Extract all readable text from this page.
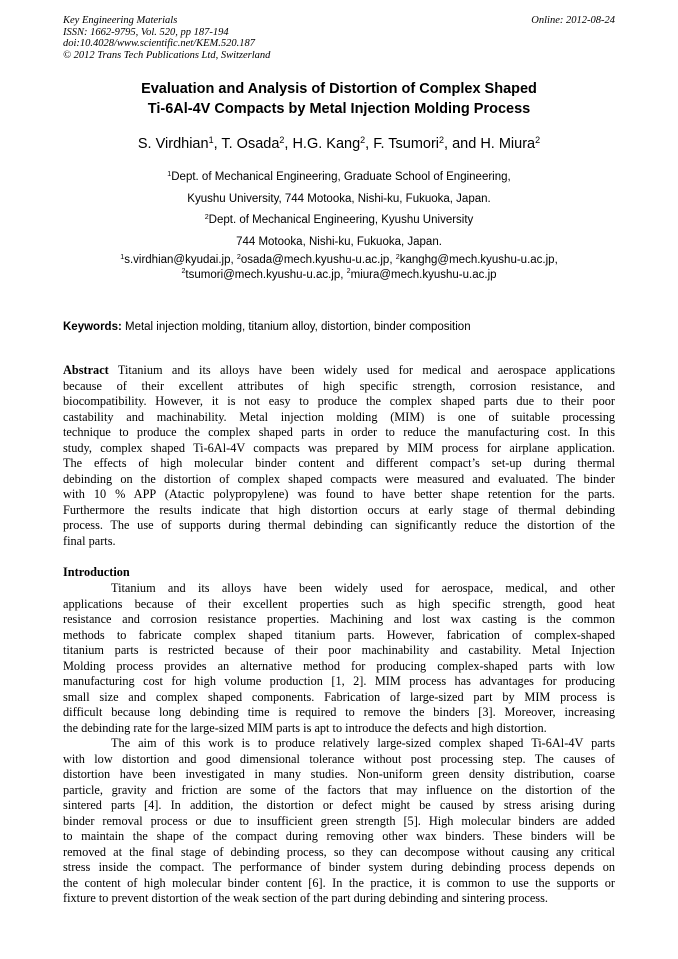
Key Engineering Materials
ISSN: 1662-9795, Vol. 520, pp 187-194
doi:10.4028/www.scientific.net/KEM.520.187
© 2012 Trans Tech Publications Ltd, Switzerland
Online: 2012-08-24
Evaluation and Analysis of Distortion of Complex Shaped
Ti-6Al-4V Compacts by Metal Injection Molding Process
S. Virdhian$^1$, T. Osada$^2$, H.G. Kang$^2$, F. Tsumori$^2$, and H. Miura$^2$
$^1$Dept. of Mechanical Engineering, Graduate School of Engineering,
Kyushu University, 744 Motooka, Nishi-ku, Fukuoka, Japan.
$^2$Dept. of Mechanical Engineering, Kyushu University
744 Motooka, Nishi-ku, Fukuoka, Japan.
$^1$s.virdhian@kyudai.jp, $^2$osada@mech.kyushu-u.ac.jp, $^2$kanghg@mech.kyushu-u.ac.jp,
$^2$tsumori@mech.kyushu-u.ac.jp, $^2$miura@mech.kyushu-u.ac.jp
Keywords: Metal injection molding, titanium alloy, distortion, binder composition
Abstract Titanium and its alloys have been widely used for medical and aerospace applications
because of their excellent attributes of high specific strength, corrosion resistance, and
biocompatibility. However, it is not easy to produce the complex shaped parts due to their poor
castability and machinability. Metal injection molding (MIM) is one of suitable processing
technique to produce the complex shaped parts in order to reduce the manufacturing cost. In this
study, complex shaped Ti-6Al-4V compacts was prepared by MIM process for airplane application.
The effects of high molecular binder content and different compact’s set-up during thermal
debinding on the distortion of complex shaped compacts were measured and evaluated. The binder
with 10 % APP (Atactic polypropylene) was found to have better shape retention for the parts.
Furthermore the results indicate that high distortion occurs at early stage of thermal debinding
process. The use of supports during thermal debinding can significantly reduce the distortion of the
final parts.
Introduction
Titanium and its alloys have been widely used for aerospace, medical, and other
applications because of their excellent properties such as high specific strength, good heat
resistance and corrosion resistance properties. Machining and lost wax casting is the common
methods to fabricate complex shaped titanium parts. However, fabrication of complex-shaped
titanium parts is restricted because of their poor machinability and castability. Metal Injection
Molding process provides an alternative method for producing complex-shaped parts with low
manufacturing cost for high volume production [1, 2]. MIM process has advantages for producing
small size and complex shaped components. Fabrication of large-sized part by MIM process is
difficult because long debinding time is required to remove the binders [3]. Moreover, increasing
the debinding rate for the large-sized MIM parts is apt to introduce the defects and high distortion.
The aim of this work is to produce relatively large-sized complex shaped Ti-6Al-4V parts
with low distortion and good dimensional tolerance without post processing step. The causes of
distortion have been investigated in many studies. Non-uniform green density distribution, coarse
particle, gravity and friction are some of the factors that may influence on the distortion of the
sintered parts [4]. In addition, the distortion or defect might be caused by stress arising during
binder removal process or due to insufficient green strength [5]. High molecular binders are added
to maintain the shape of the compact during removing other wax binders. These binders will be
removed at the final stage of debinding process, so they can decompose without causing any critical
stress inside the compact. The performance of binder system during debinding process depends on
the content of high molecular binder content [6]. In the practice, it is common to use the supports or
fixture to prevent distortion of the weak section of the part during debinding and sintering process.
